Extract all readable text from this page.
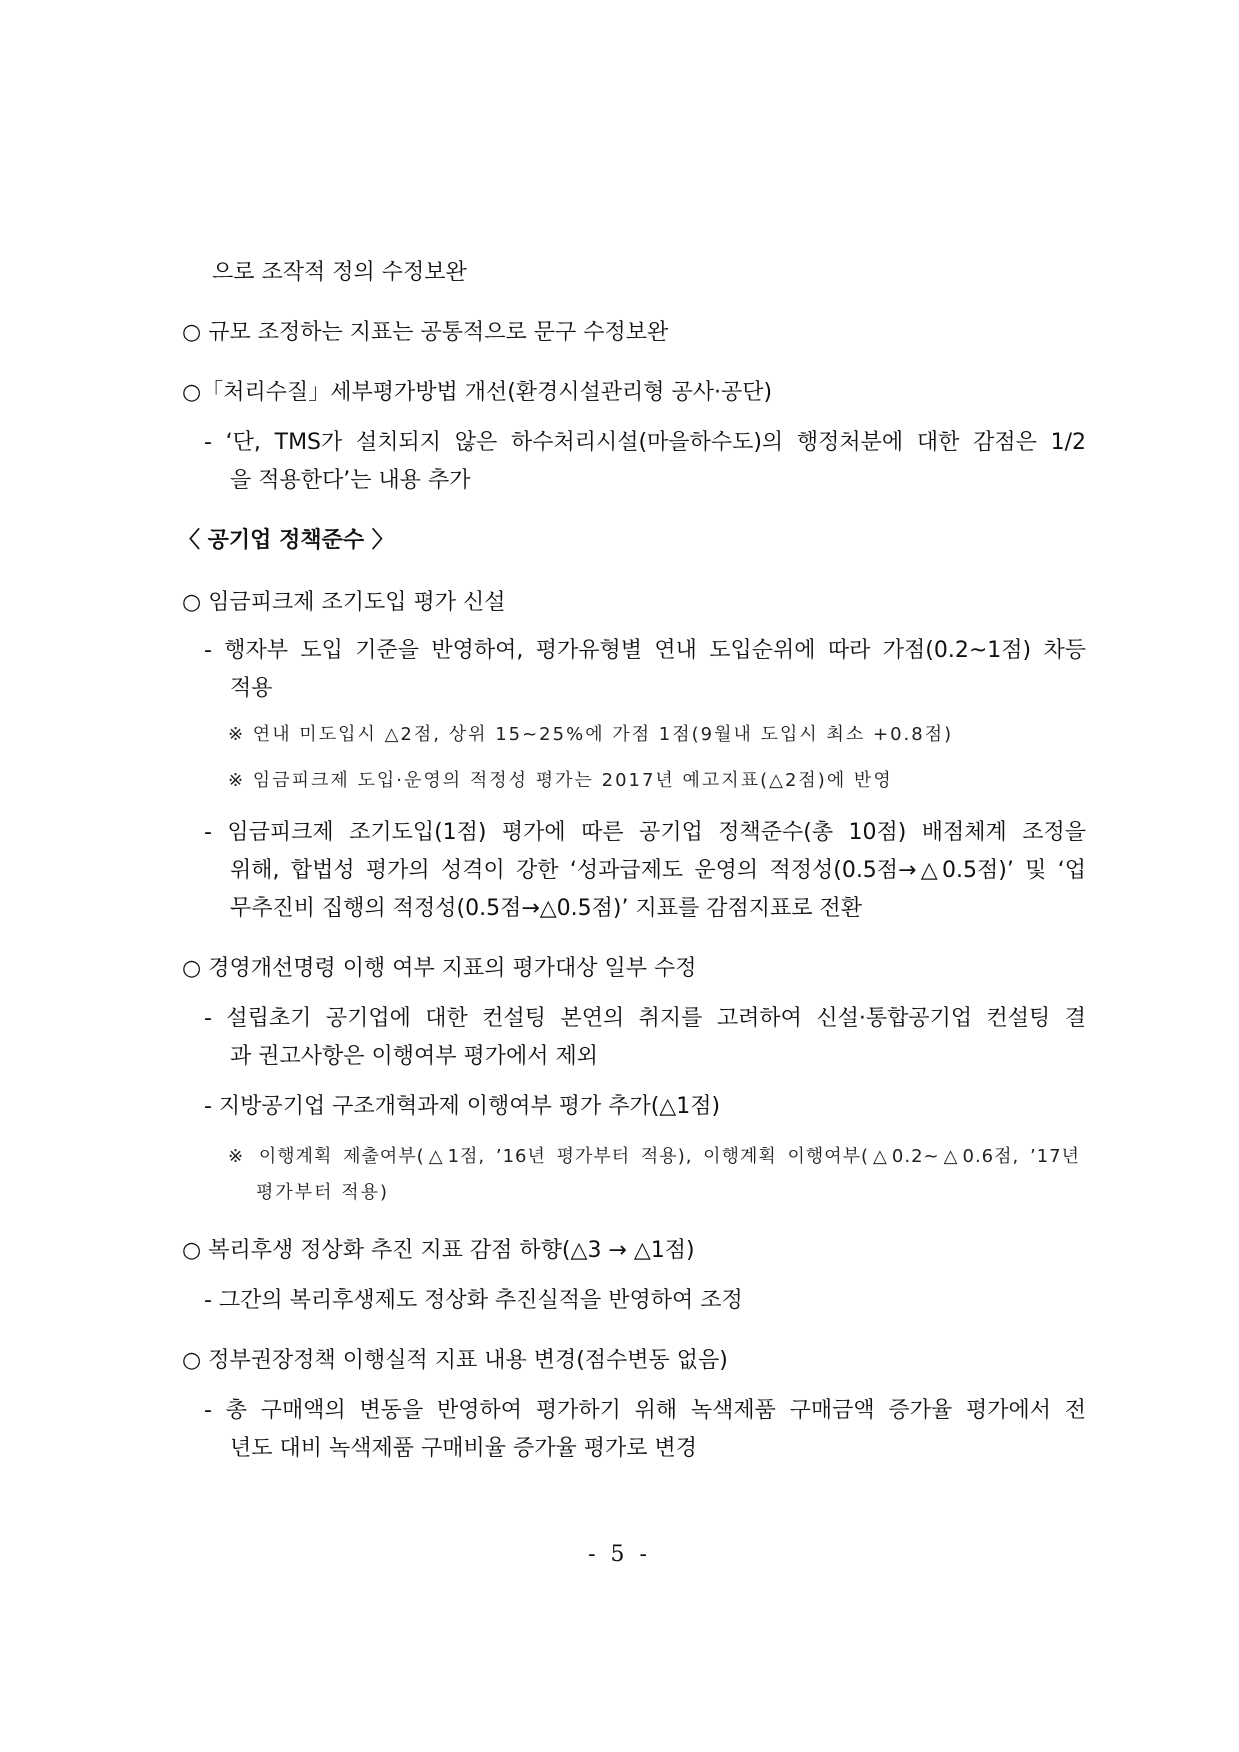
으로 조작적 정의 수정보완
○ 규모 조정하는 지표는 공통적으로 문구 수정보완
○「처리수질」세부평가방법 개선(환경시설관리형 공사·공단)
- ‘단, TMS가 설치되지 않은 하수처리시설(마을하수도)의 행정처분에 대한 감점은 1/2
을 적용한다’는 내용 추가
〈 공기업 정책준수 〉
○ 임금피크제 조기도입 평가 신설
- 행자부 도입 기준을 반영하여, 평가유형별 연내 도입순위에 따라 가점(0.2~1점) 차등
적용
※ 연내 미도입시 △2점, 상위 15~25%에 가점 1점(9월내 도입시 최소 +0.8점)
※ 임금피크제 도입·운영의 적정성 평가는 2017년 예고지표(△2점)에 반영
- 임금피크제 조기도입(1점) 평가에 따른 공기업 정책준수(총 10점) 배점체계 조정을
위해, 합법성 평가의 성격이 강한 ‘성과급제도 운영의 적정성(0.5점→△0.5점)’ 및 ‘업
무추진비 집행의 적정성(0.5점→△0.5점)’ 지표를 감점지표로 전환
○ 경영개선명령 이행 여부 지표의 평가대상 일부 수정
- 설립초기 공기업에 대한 컨설팅 본연의 취지를 고려하여 신설·통합공기업 컨설팅 결
과 권고사항은 이행여부 평가에서 제외
- 지방공기업 구조개혁과제 이행여부 평가 추가(△1점)
※ 이행계획 제출여부(△1점, ’16년 평가부터 적용), 이행계획 이행여부(△0.2~△0.6점, ’17년
평가부터 적용)
○ 복리후생 정상화 추진 지표 감점 하향(△3 → △1점)
- 그간의 복리후생제도 정상화 추진실적을 반영하여 조정
○ 정부권장정책 이행실적 지표 내용 변경(점수변동 없음)
- 총 구매액의 변동을 반영하여 평가하기 위해 녹색제품 구매금액 증가율 평가에서 전
년도 대비 녹색제품 구매비율 증가율 평가로 변경
- 5 -
